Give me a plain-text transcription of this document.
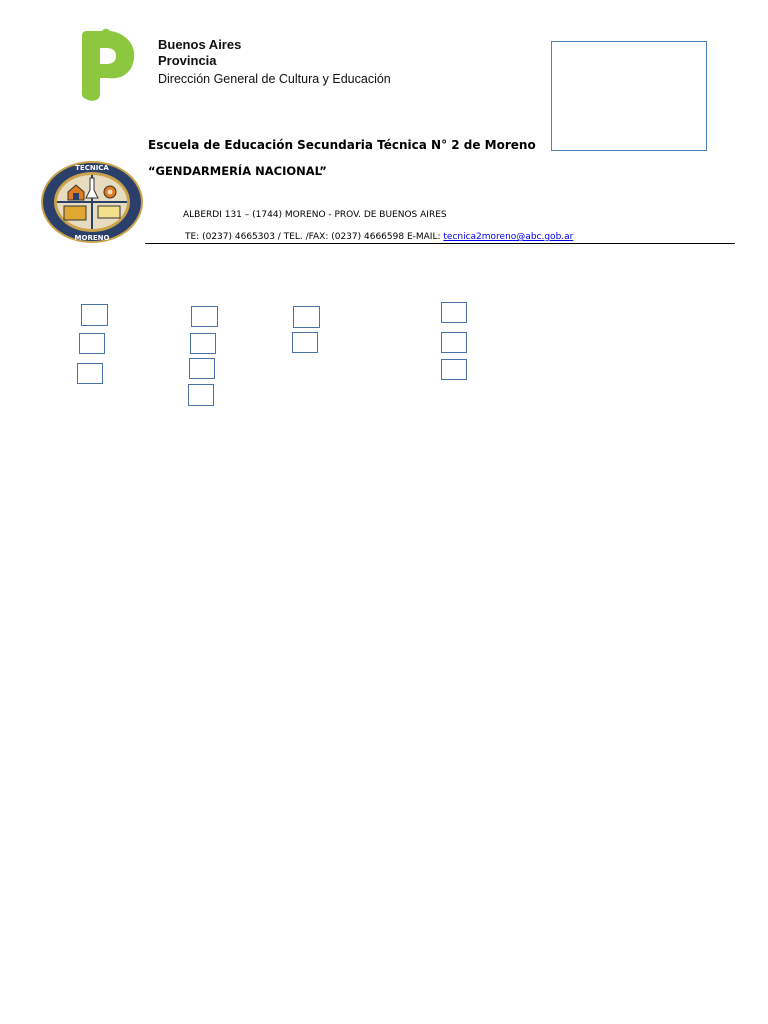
Buenos Aires
Provincia
Dirección General de Cultura y Educación
Escuela de Educación Secundaria Técnica N° 2 de Moreno
“GENDARMERÍA NACIONAL”
TECNICA
MORENO
ALBERDI 131 – (1744) MORENO - PROV. DE BUENOS AIRES
TE: (0237) 4665303 / TEL. /FAX: (0237) 4666598 E-MAIL: tecnica2moreno@abc.gob.ar
